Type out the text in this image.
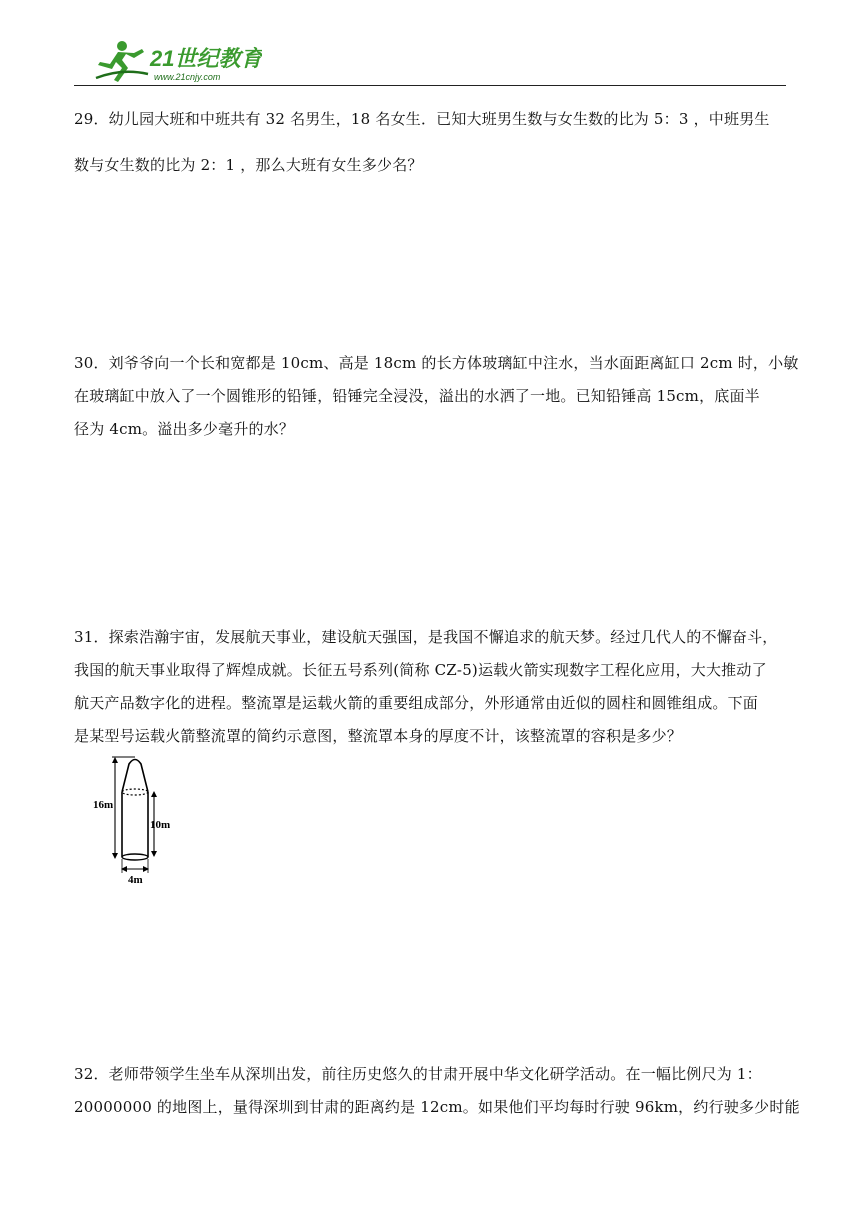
21世纪教育
www.21cnjy.com
29．幼儿园大班和中班共有 32 名男生，18 名女生．已知大班男生数与女生数的比为 5：3 ，中班男生
数与女生数的比为 2：1 ，那么大班有女生多少名？
30．刘爷爷向一个长和宽都是 10cm、高是 18cm 的长方体玻璃缸中注水，当水面距离缸口 2cm 时，小敏
在玻璃缸中放入了一个圆锥形的铅锤，铅锤完全浸没，溢出的水洒了一地。已知铅锤高 15cm，底面半
径为 4cm。溢出多少毫升的水？
31．探索浩瀚宇宙，发展航天事业，建设航天强国，是我国不懈追求的航天梦。经过几代人的不懈奋斗，
我国的航天事业取得了辉煌成就。长征五号系列(简称 CZ-5)运载火箭实现数字工程化应用，大大推动了
航天产品数字化的进程。整流罩是运载火箭的重要组成部分，外形通常由近似的圆柱和圆锥组成。下面
是某型号运载火箭整流罩的简约示意图，整流罩本身的厚度不计，该整流罩的容积是多少？
16m
10m
4m
32．老师带领学生坐车从深圳出发，前往历史悠久的甘肃开展中华文化研学活动。在一幅比例尺为 1：
20000000 的地图上，量得深圳到甘肃的距离约是 12cm。如果他们平均每时行驶 96km，约行驶多少时能
